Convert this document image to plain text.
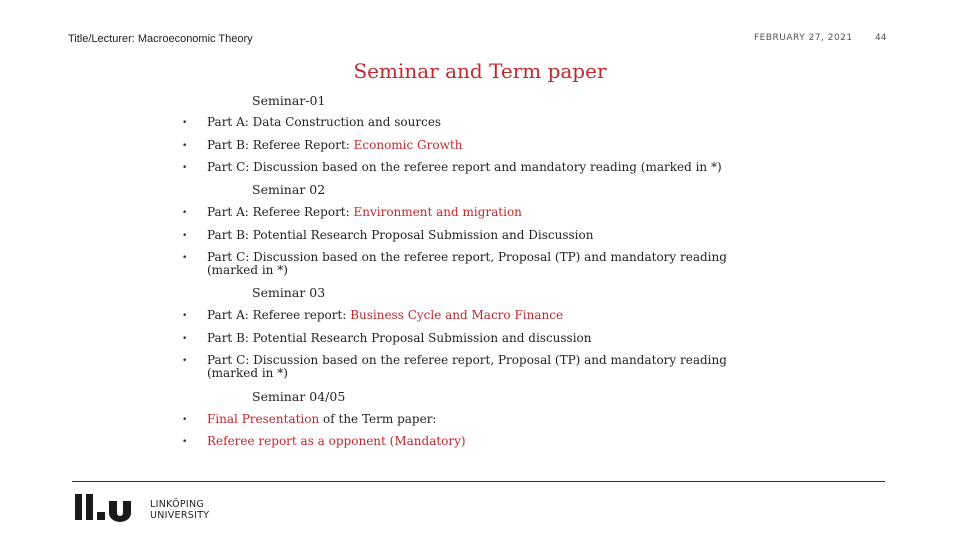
Title/Lecturer: Macroeconomic Theory	FEBRUARY 27, 2021 44
Seminar and Term paper
Seminar-01
• Part A: Data Construction and sources
• Part B: Referee Report: Economic Growth
• Part C: Discussion based on the referee report and mandatory reading (marked in *)
Seminar 02
• Part A: Referee Report: Environment and migration
• Part B: Potential Research Proposal Submission and Discussion
• Part C: Discussion based on the referee report, Proposal (TP) and mandatory reading (marked in *)
Seminar 03
• Part A: Referee report: Business Cycle and Macro Finance
• Part B: Potential Research Proposal Submission and discussion
• Part C: Discussion based on the referee report, Proposal (TP) and mandatory reading (marked in *)
Seminar 04/05
• Final Presentation of the Term paper:
• Referee report as a opponent (Mandatory)
LINKÖPING
UNIVERSITY
